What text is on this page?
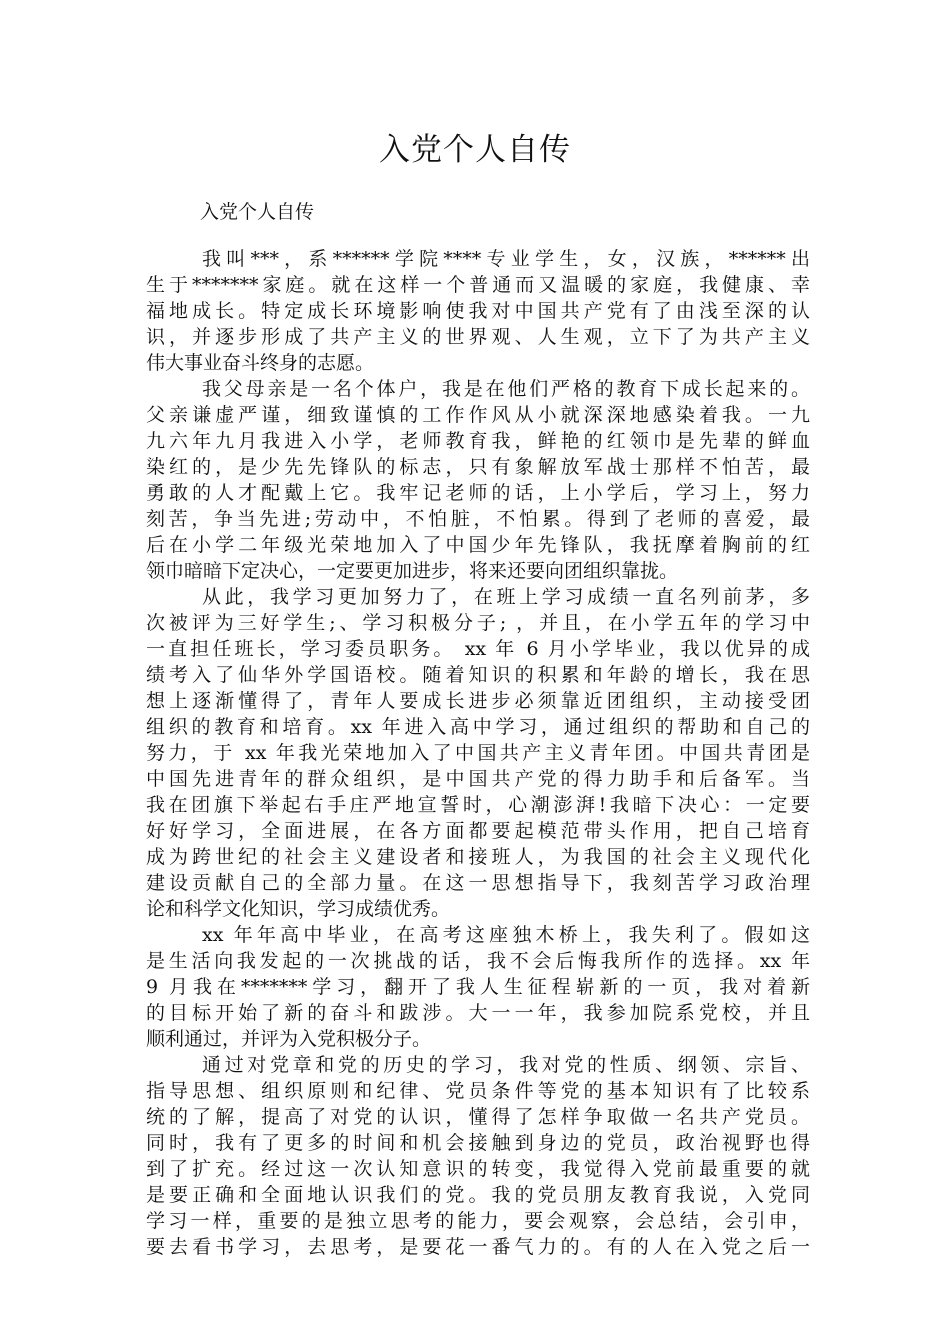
入党个人自传

入党个人自传

我叫***，系******学院****专业学生，女，汉族，******出
生于*******家庭。就在这样一个普通而又温暖的家庭，我健康、幸
福地成长。特定成长环境影响使我对中国共产党有了由浅至深的认
识，并逐步形成了共产主义的世界观、人生观，立下了为共产主义
伟大事业奋斗终身的志愿。
我父母亲是一名个体户，我是在他们严格的教育下成长起来的。
父亲谦虚严谨，细致谨慎的工作作风从小就深深地感染着我。一九
九六年九月我进入小学，老师教育我，鲜艳的红领巾是先辈的鲜血
染红的，是少先先锋队的标志，只有象解放军战士那样不怕苦，最
勇敢的人才配戴上它。我牢记老师的话，上小学后，学习上，努力
刻苦，争当先进;劳动中，不怕脏，不怕累。得到了老师的喜爱，最
后在小学二年级光荣地加入了中国少年先锋队，我抚摩着胸前的红
领巾暗暗下定决心，一定要更加进步，将来还要向团组织靠拢。
从此，我学习更加努力了，在班上学习成绩一直名列前茅，多
次被评为三好学生;、学习积极分子; ，并且，在小学五年的学习中
一直担任班长，学习委员职务。 xx 年 6 月小学毕业，我以优异的成
绩考入了仙华外学国语校。随着知识的积累和年龄的增长，我在思
想上逐渐懂得了，青年人要成长进步必须靠近团组织，主动接受团
组织的教育和培育。xx 年进入高中学习，通过组织的帮助和自己的
努力，于 xx 年我光荣地加入了中国共产主义青年团。中国共青团是
中国先进青年的群众组织，是中国共产党的得力助手和后备军。当
我在团旗下举起右手庄严地宣誓时，心潮澎湃!我暗下决心：一定要
好好学习，全面进展，在各方面都要起模范带头作用，把自己培育
成为跨世纪的社会主义建设者和接班人，为我国的社会主义现代化
建设贡献自己的全部力量。在这一思想指导下，我刻苦学习政治理
论和科学文化知识，学习成绩优秀。
xx 年年高中毕业，在高考这座独木桥上，我失利了。假如这
是生活向我发起的一次挑战的话，我不会后悔我所作的选择。xx 年
9 月我在*******学习，翻开了我人生征程崭新的一页，我对着新
的目标开始了新的奋斗和跋涉。大一一年，我参加院系党校，并且
顺利通过，并评为入党积极分子。
通过对党章和党的历史的学习，我对党的性质、纲领、宗旨、
指导思想、组织原则和纪律、党员条件等党的基本知识有了比较系
统的了解，提高了对党的认识，懂得了怎样争取做一名共产党员。
同时，我有了更多的时间和机会接触到身边的党员，政治视野也得
到了扩充。经过这一次认知意识的转变，我觉得入党前最重要的就
是要正确和全面地认识我们的党。我的党员朋友教育我说，入党同
学习一样，重要的是独立思考的能力，要会观察，会总结，会引申，
要去看书学习，去思考，是要花一番气力的。有的人在入党之后一
